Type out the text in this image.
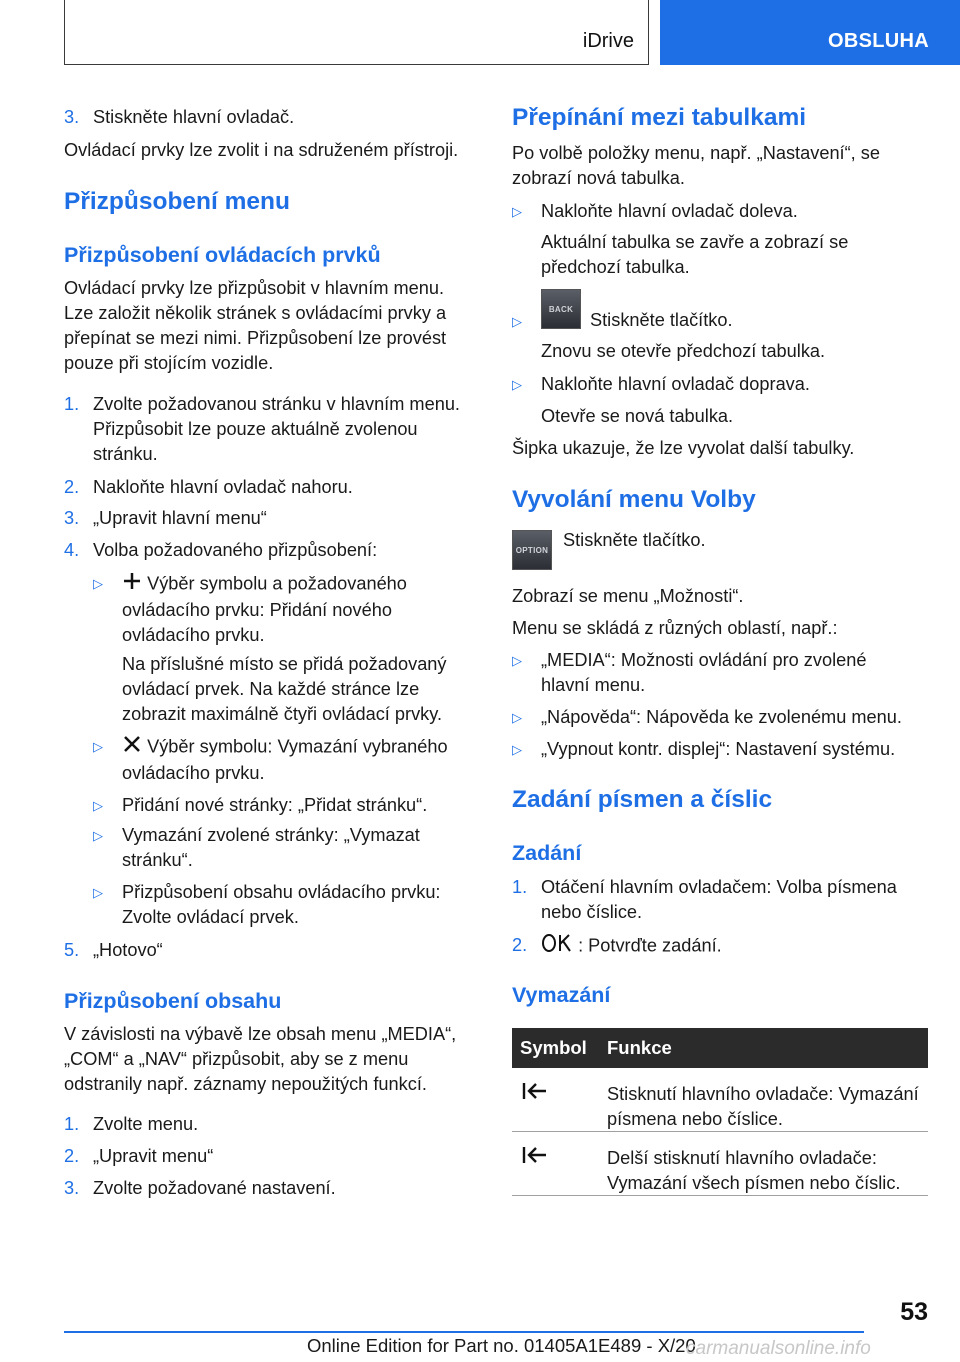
iDrive	OBSLUHA
3. Stiskněte hlavní ovladač.
Ovládací prvky lze zvolit i na sdruženém přístroji.
Přizpůsobení menu
Přizpůsobení ovládacích prvků
Ovládací prvky lze přizpůsobit v hlavním menu. Lze založit několik stránek s ovládacími prvky a přepínat se mezi nimi. Přizpůsobení lze provést pouze při stojícím vozidle.
1. Zvolte požadovanou stránku v hlavním menu. Přizpůsobit lze pouze aktuálně zvolenou stránku.
2. Nakloňte hlavní ovladač nahoru.
3. „Upravit hlavní menu“
4. Volba požadovaného přizpůsobení:
▷	Výběr symbolu a požadovaného ovládacího prvku: Přidání nového ovládacího prvku.
Na příslušné místo se přidá požadovaný ovládací prvek. Na každé stránce lze zobrazit maximálně čtyři ovládací prvky.
▷	Výběr symbolu: Vymazání vybraného ovládacího prvku.
▷	Přidání nové stránky: „Přidat stránku“.
▷	Vymazání zvolené stránky: „Vymazat stránku“.
▷	Přizpůsobení obsahu ovládacího prvku: Zvolte ovládací prvek.
5. „Hotovo“
Přizpůsobení obsahu
V závislosti na výbavě lze obsah menu „MEDIA“, „COM“ a „NAV“ přizpůsobit, aby se z menu odstranily např. záznamy nepoužitých funkcí.
1. Zvolte menu.
2. „Upravit menu“
3. Zvolte požadované nastavení.
Přepínání mezi tabulkami
Po volbě položky menu, např. „Nastavení“, se zobrazí nová tabulka.
▷	Nakloňte hlavní ovladač doleva.
Aktuální tabulka se zavře a zobrazí se předchozí tabulka.
▷
BACK
Stiskněte tlačítko.
Znovu se otevře předchozí tabulka.
▷	Nakloňte hlavní ovladač doprava.
Otevře se nová tabulka.
Šipka ukazuje, že lze vyvolat další tabulky.
Vyvolání menu Volby
OPTION Stiskněte tlačítko.
Zobrazí se menu „Možnosti“.
Menu se skládá z různých oblastí, např.:
▷	„MEDIA“: Možnosti ovládání pro zvolené hlavní menu.
▷	„Nápověda“: Nápověda ke zvolenému menu.
▷	„Vypnout kontr. displej“: Nastavení systému.
Zadání písmen a číslic
Zadání
1. Otáčení hlavním ovladačem: Volba písmena nebo číslice.
2.	: Potvrďte zadání.
Vymazání
Symbol Funkce
Stisknutí hlavního ovladače: Vymazání písmena nebo číslice.
Delší stisknutí hlavního ovladače: Vymazání všech písmen nebo číslic.
53
Online Edition for Part no. 01405A1E489 - X/20
carmanualsonline.info
